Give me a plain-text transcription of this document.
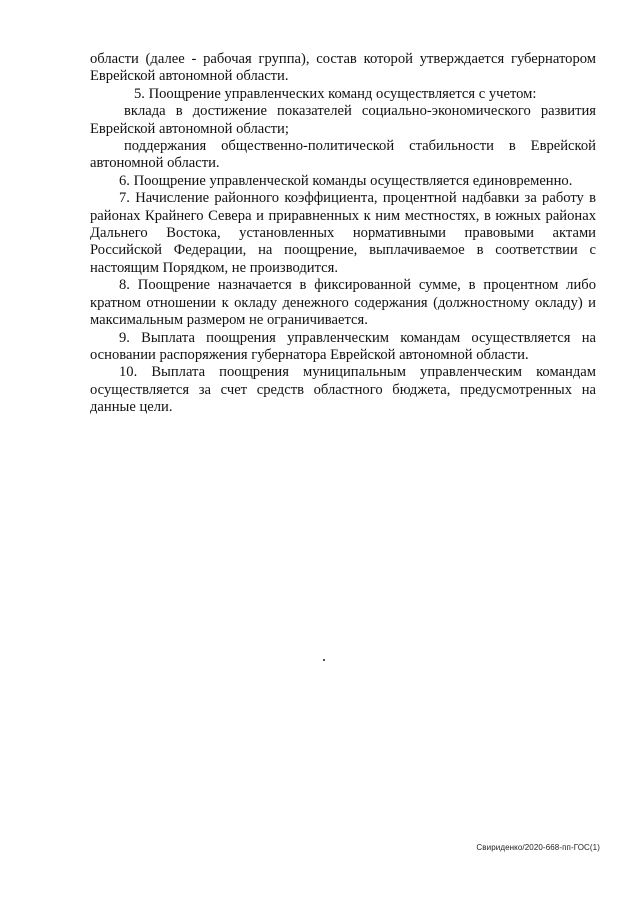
области (далее - рабочая группа), состав которой утверждается губернатором Еврейской автономной области.

5. Поощрение управленческих команд осуществляется с учетом:

вклада в достижение показателей социально-экономического развития Еврейской автономной области;

поддержания общественно-политической стабильности в Еврейской автономной области.

6. Поощрение управленческой команды осуществляется единовременно.

7. Начисление районного коэффициента, процентной надбавки за работу в районах Крайнего Севера и приравненных к ним местностях, в южных районах Дальнего Востока, установленных нормативными правовыми актами Российской Федерации, на поощрение, выплачиваемое в соответствии с настоящим Порядком, не производится.

8. Поощрение назначается в фиксированной сумме, в процентном либо кратном отношении к окладу денежного содержания (должностному окладу) и максимальным размером не ограничивается.

9. Выплата поощрения управленческим командам осуществляется на основании распоряжения губернатора Еврейской автономной области.

10. Выплата поощрения муниципальным управленческим командам осуществляется за счет средств областного бюджета, предусмотренных на данные цели.

Свириденко/2020-668-пп-ГОС(1)
